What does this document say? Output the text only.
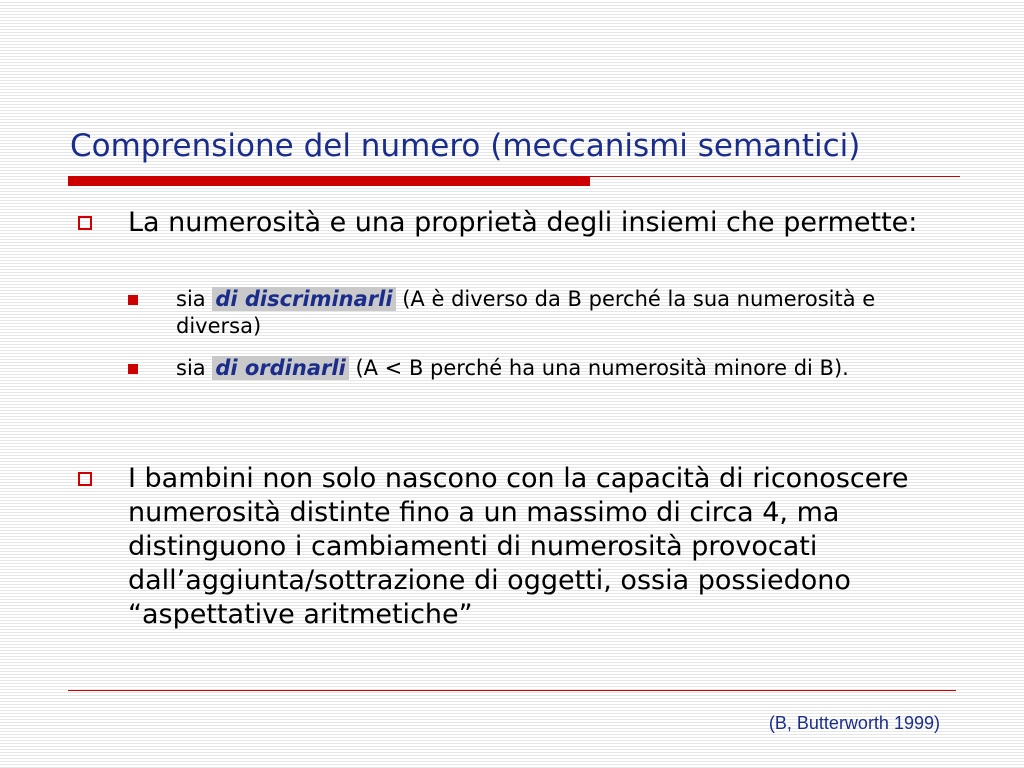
Comprensione del numero (meccanismi semantici)
La numerosità e una proprietà degli insiemi che permette:
sia di discriminarli (A è diverso da B perché la sua numerosità e diversa)
sia di ordinarli (A < B perché ha una numerosità minore di B).
I bambini non solo nascono con la capacità di riconoscere numerosità distinte fino a un massimo di circa 4, ma distinguono i cambiamenti di numerosità provocati dall’aggiunta/sottrazione di oggetti, ossia possiedono “aspettative aritmetiche”
(B, Butterworth 1999)
